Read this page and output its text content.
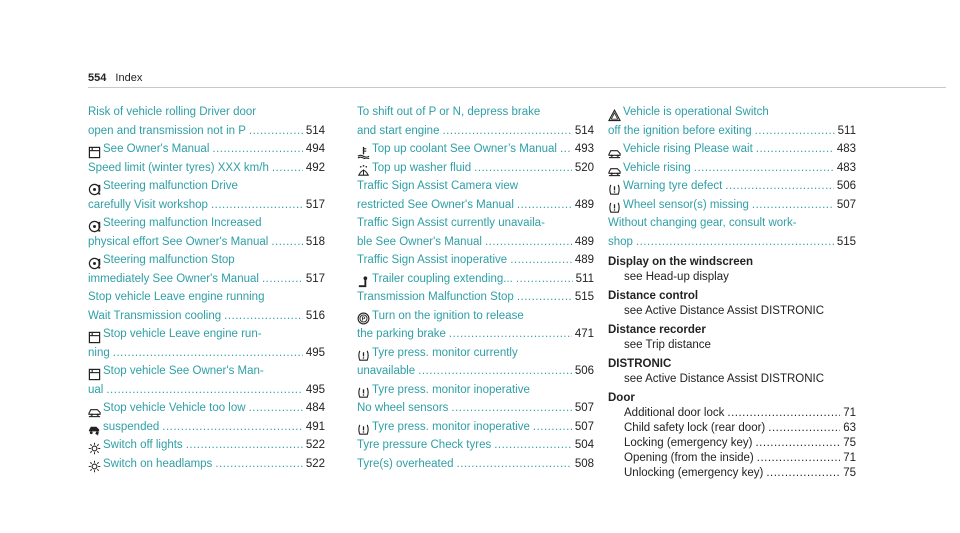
554 Index
Risk of vehicle rolling Driver door
open and transmission not in P .....	514
See Owner's Manual .....	494
Speed limit (winter tyres) XXX km/h .....	492
Steering malfunction Drive
carefully Visit workshop .....	517
Steering malfunction Increased
physical effort See Owner's Manual .....	518
Steering malfunction Stop
immediately See Owner's Manual .....	517
Stop vehicle Leave engine running
Wait Transmission cooling .....	516
Stop vehicle Leave engine run-
ning .....	495
Stop vehicle See Owner's Man-
ual .....	495
Stop vehicle Vehicle too low .....	484
suspended .....	491
Switch off lights .....	522
Switch on headlamps .....	522
To shift out of P or N, depress brake
and start engine .....	514
Top up coolant See Owner’s Manual ..... 493
Top up washer fluid .....	520
Traffic Sign Assist Camera view
restricted See Owner's Manual .....	489
Traffic Sign Assist currently unavaila-
ble See Owner's Manual .....	489
Traffic Sign Assist inoperative .....	489
Trailer coupling extending... .....	511
Transmission Malfunction Stop .....	515
P Turn on the ignition to release
the parking brake .....	471
Tyre press. monitor currently
unavailable .....	506
Tyre press. monitor inoperative
No wheel sensors .....	507
Tyre press. monitor inoperative .....	507
Tyre pressure Check tyres .....	504
Tyre(s) overheated .....	508
Vehicle is operational Switch
off the ignition before exiting .....	511
Vehicle rising Please wait .....	483
Vehicle rising .....	483
Warning tyre defect .....	506
Wheel sensor(s) missing .....	507
Without changing gear, consult work-
shop .....	515
Display on the windscreen
see Head-up display
Distance control
see Active Distance Assist DISTRONIC
Distance recorder
see Trip distance
DISTRONIC
see Active Distance Assist DISTRONIC
Door
Additional door lock .....	71
Child safety lock (rear door) .....	63
Locking (emergency key) .....	75
Opening (from the inside) .....	71
Unlocking (emergency key) .....	75
